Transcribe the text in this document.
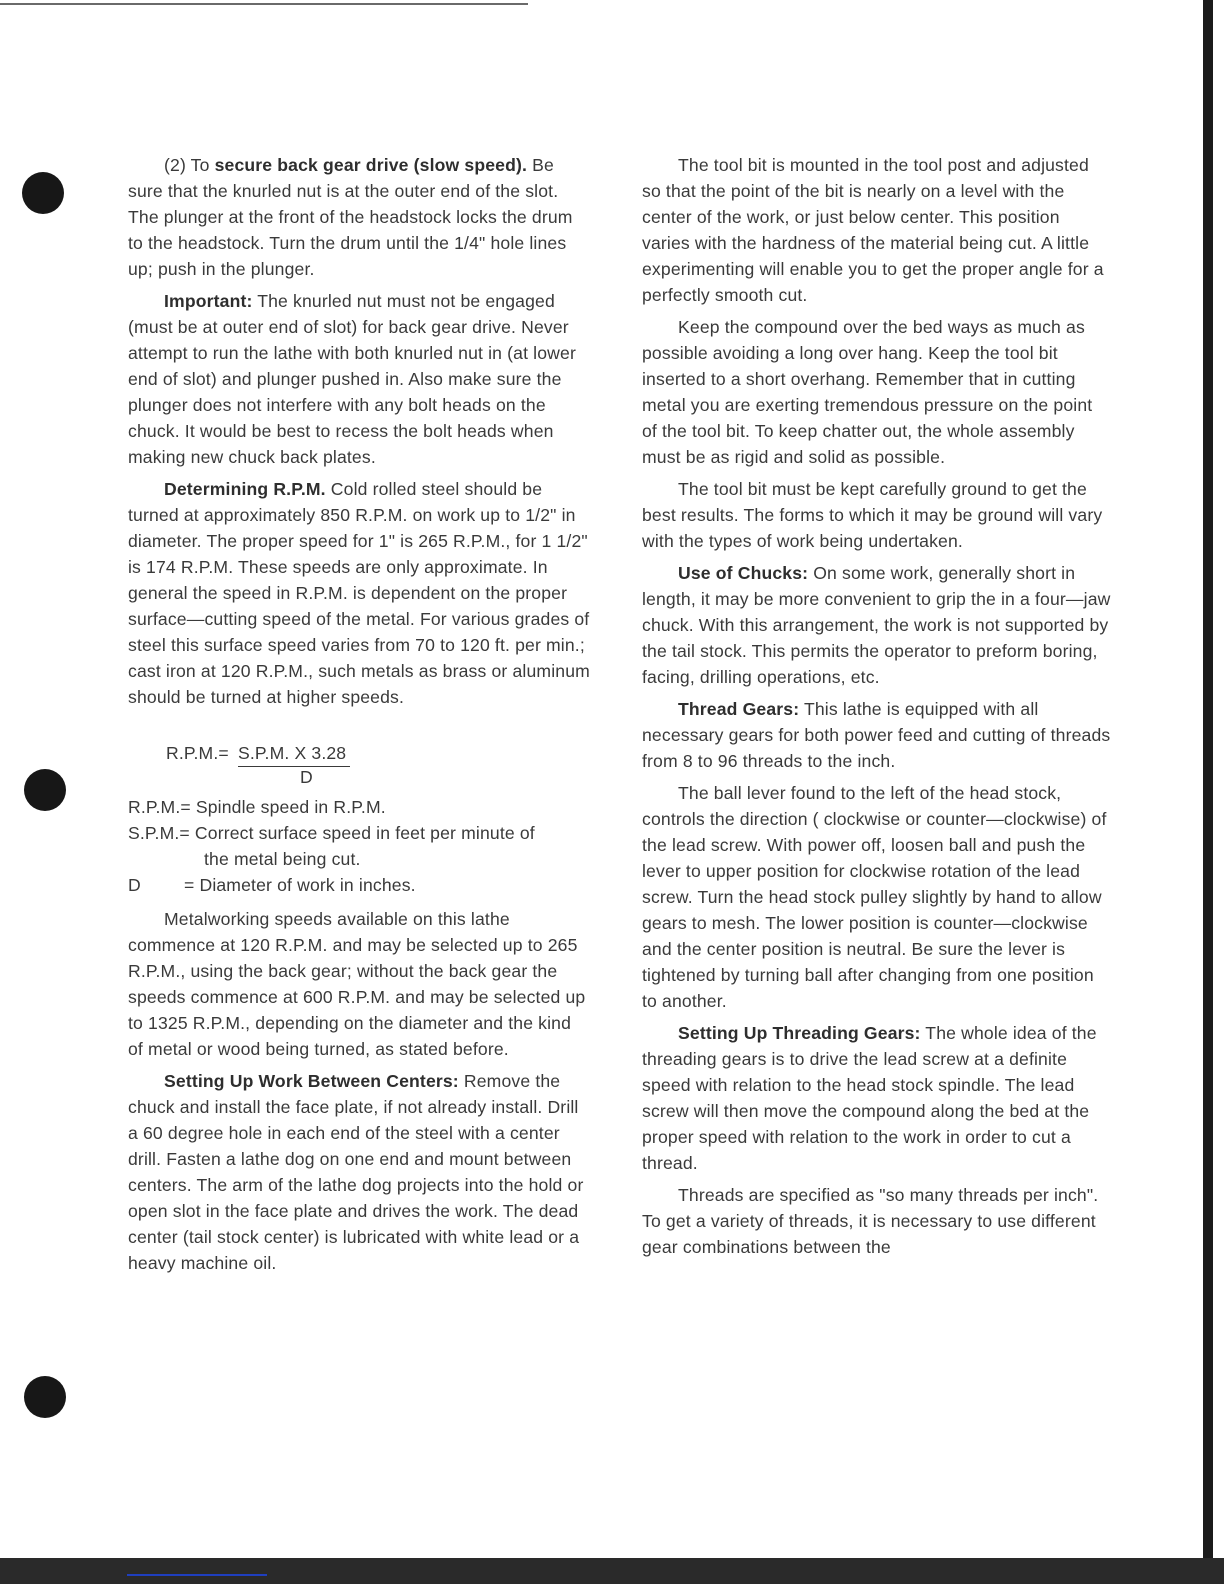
(2) To secure back gear drive (slow speed). Be sure that the knurled nut is at the outer end of the slot. The plunger at the front of the headstock locks the drum to the headstock. Turn the drum until the 1/4" hole lines up; push in the plunger.

Important: The knurled nut must not be engaged (must be at outer end of slot) for back gear drive. Never attempt to run the lathe with both knurled nut in (at lower end of slot) and plunger pushed in. Also make sure the plunger does not interfere with any bolt heads on the chuck. It would be best to recess the bolt heads when making new chuck back plates.

Determining R.P.M. Cold rolled steel should be turned at approximately 850 R.P.M. on work up to 1/2" in diameter. The proper speed for 1" is 265 R.P.M., for 1 1/2" is 174 R.P.M. These speeds are only approximate. In general the speed in R.P.M. is dependent on the proper surface—cutting speed of the metal. For various grades of steel this surface speed varies from 70 to 120 ft. per min.; cast iron at 120 R.P.M., such metals as brass or aluminum should be turned at higher speeds.

R.P.M.= S.P.M. X 3.28
D
R.P.M.= Spindle speed in R.P.M.
S.P.M.= Correct surface speed in feet per minute of
the metal being cut.
D = Diameter of work in inches.

Metalworking speeds available on this lathe commence at 120 R.P.M. and may be selected up to 265 R.P.M., using the back gear; without the back gear the speeds commence at 600 R.P.M. and may be selected up to 1325 R.P.M., depending on the diameter and the kind of metal or wood being turned, as stated before.

Setting Up Work Between Centers: Remove the chuck and install the face plate, if not already install. Drill a 60 degree hole in each end of the steel with a center drill. Fasten a lathe dog on one end and mount between centers. The arm of the lathe dog projects into the hold or open slot in the face plate and drives the work. The dead center (tail stock center) is lubricated with white lead or a heavy machine oil.

The tool bit is mounted in the tool post and adjusted so that the point of the bit is nearly on a level with the center of the work, or just below center. This position varies with the hardness of the material being cut. A little experimenting will enable you to get the proper angle for a perfectly smooth cut.

Keep the compound over the bed ways as much as possible avoiding a long over hang. Keep the tool bit inserted to a short overhang. Remember that in cutting metal you are exerting tremendous pressure on the point of the tool bit. To keep chatter out, the whole assembly must be as rigid and solid as possible.

The tool bit must be kept carefully ground to get the best results. The forms to which it may be ground will vary with the types of work being undertaken.

Use of Chucks: On some work, generally short in length, it may be more convenient to grip the in a four—jaw chuck. With this arrangement, the work is not supported by the tail stock. This permits the operator to preform boring, facing, drilling operations, etc.

Thread Gears: This lathe is equipped with all necessary gears for both power feed and cutting of threads from 8 to 96 threads to the inch.

The ball lever found to the left of the head stock, controls the direction ( clockwise or counter—clockwise) of the lead screw. With power off, loosen ball and push the lever to upper position for clockwise rotation of the lead screw. Turn the head stock pulley slightly by hand to allow gears to mesh. The lower position is counter—clockwise and the center position is neutral. Be sure the lever is tightened by turning ball after changing from one position to another.

Setting Up Threading Gears: The whole idea of the threading gears is to drive the lead screw at a definite speed with relation to the head stock spindle. The lead screw will then move the compound along the bed at the proper speed with relation to the work in order to cut a thread.

Threads are specified as "so many threads per inch". To get a variety of threads, it is necessary to use different gear combinations between the
